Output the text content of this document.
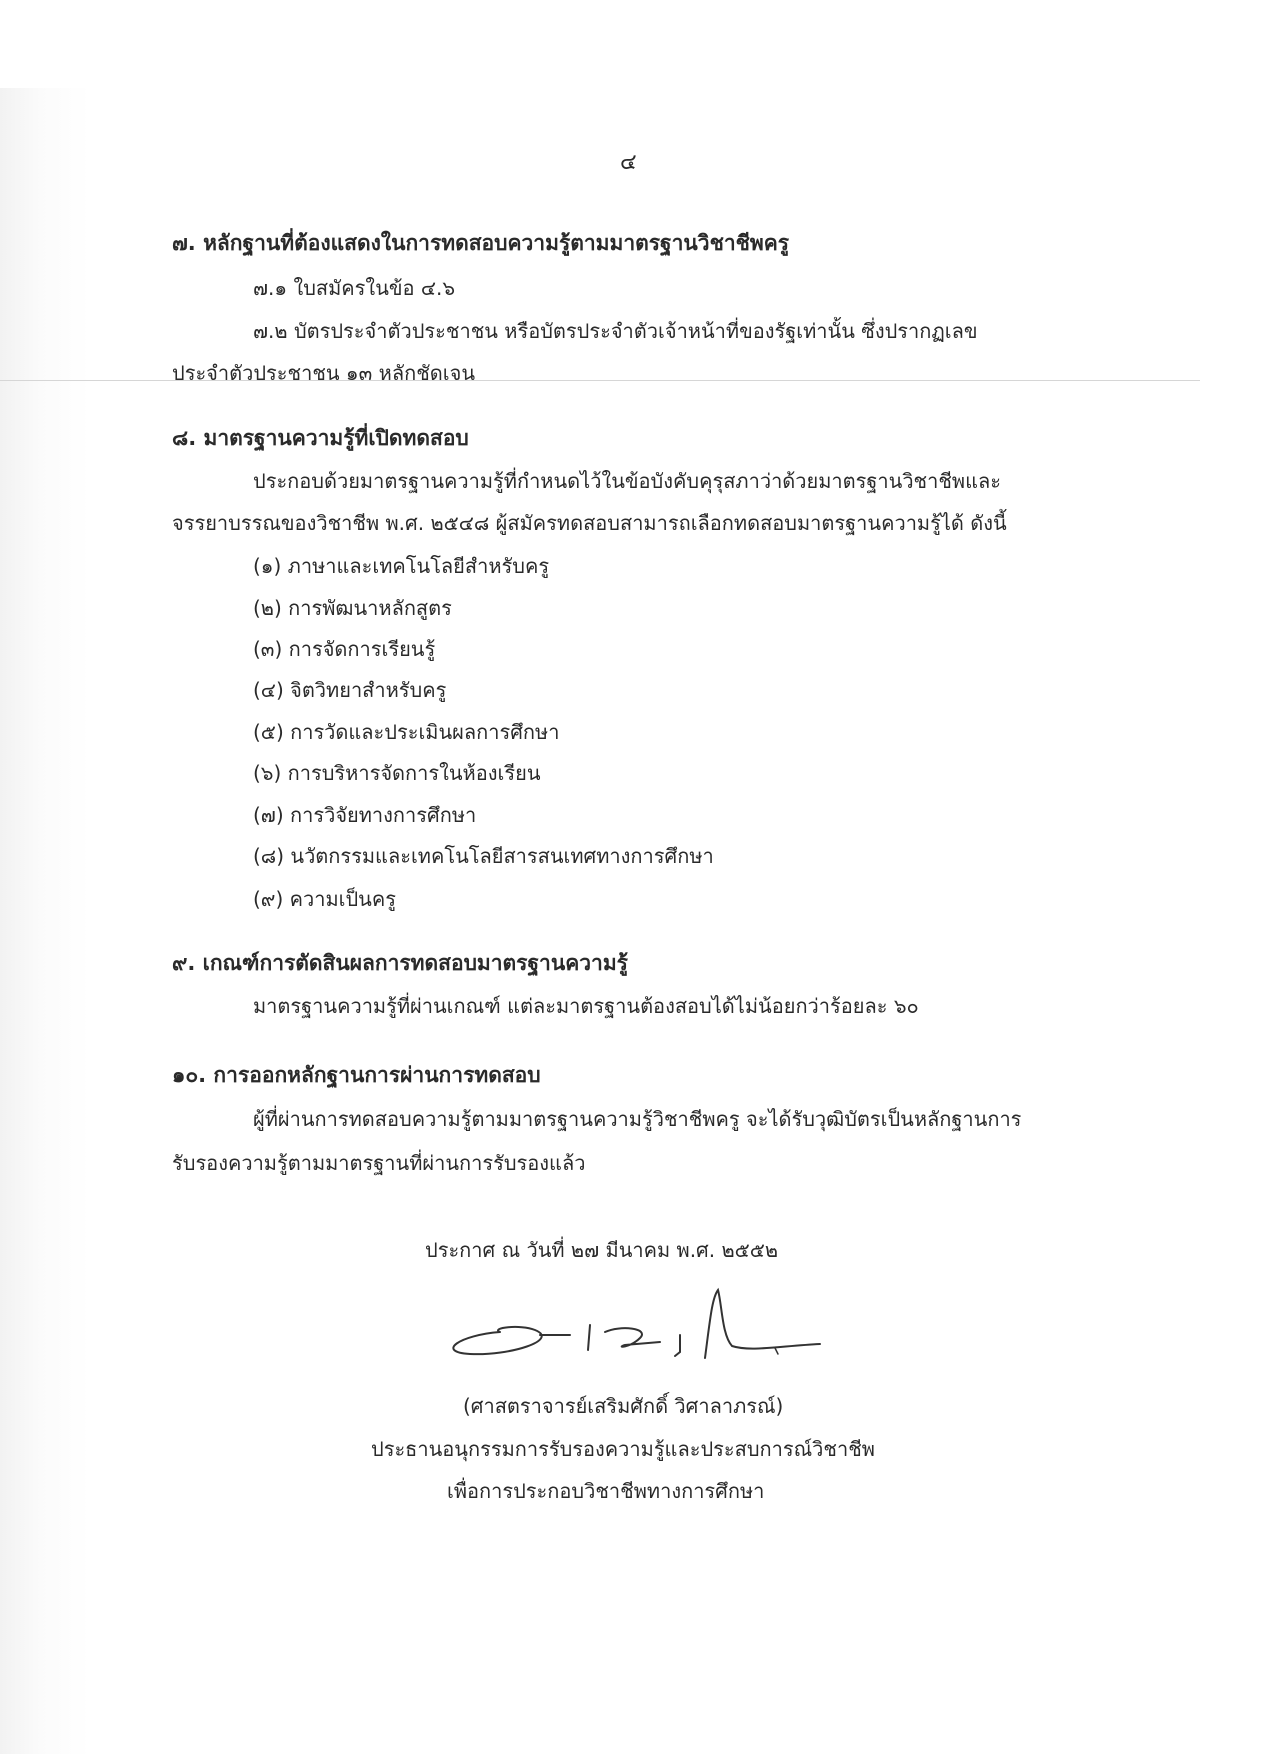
๔

๗. หลักฐานที่ต้องแสดงในการทดสอบความรู้ตามมาตรฐานวิชาชีพครู

๗.๑ ใบสมัครในข้อ ๔.๖

๗.๒ บัตรประจำตัวประชาชน หรือบัตรประจำตัวเจ้าหน้าที่ของรัฐเท่านั้น ซึ่งปรากฏเลข

ประจำตัวประชาชน ๑๓ หลักชัดเจน

๘. มาตรฐานความรู้ที่เปิดทดสอบ

ประกอบด้วยมาตรฐานความรู้ที่กำหนดไว้ในข้อบังคับคุรุสภาว่าด้วยมาตรฐานวิชาชีพและ

จรรยาบรรณของวิชาชีพ พ.ศ. ๒๕๔๘ ผู้สมัครทดสอบสามารถเลือกทดสอบมาตรฐานความรู้ได้ ดังนี้

(๑) ภาษาและเทคโนโลยีสำหรับครู

(๒) การพัฒนาหลักสูตร

(๓) การจัดการเรียนรู้

(๔) จิตวิทยาสำหรับครู

(๕) การวัดและประเมินผลการศึกษา

(๖) การบริหารจัดการในห้องเรียน

(๗) การวิจัยทางการศึกษา

(๘) นวัตกรรมและเทคโนโลยีสารสนเทศทางการศึกษา

(๙) ความเป็นครู

๙. เกณฑ์การตัดสินผลการทดสอบมาตรฐานความรู้

มาตรฐานความรู้ที่ผ่านเกณฑ์ แต่ละมาตรฐานต้องสอบได้ไม่น้อยกว่าร้อยละ ๖๐

๑๐. การออกหลักฐานการผ่านการทดสอบ

ผู้ที่ผ่านการทดสอบความรู้ตามมาตรฐานความรู้วิชาชีพครู จะได้รับวุฒิบัตรเป็นหลักฐานการ

รับรองความรู้ตามมาตรฐานที่ผ่านการรับรองแล้ว

ประกาศ ณ วันที่ ๒๗ มีนาคม พ.ศ. ๒๕๕๒

(ศาสตราจารย์เสริมศักดิ์ วิศาลาภรณ์)

ประธานอนุกรรมการรับรองความรู้และประสบการณ์วิชาชีพ

เพื่อการประกอบวิชาชีพทางการศึกษา
